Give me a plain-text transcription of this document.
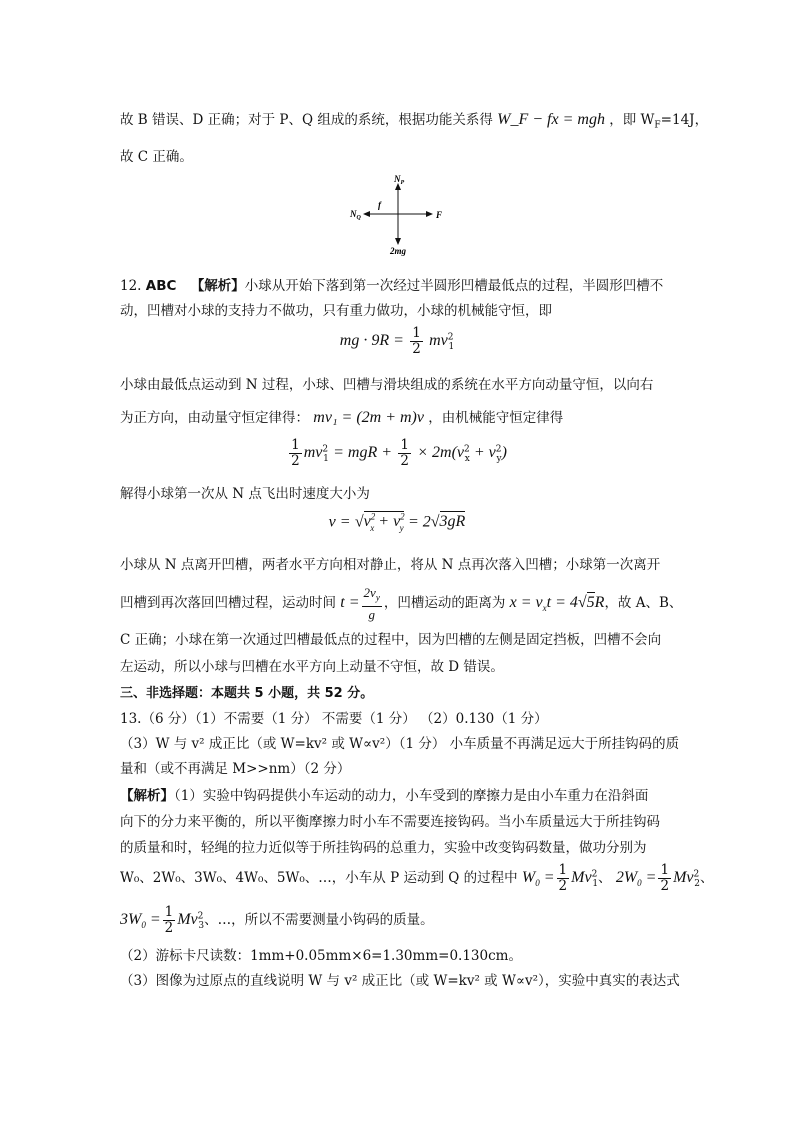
故 B 错误、D 正确；对于 P、Q 组成的系统，根据功能关系得 W_F − fx = mgh ，即 $W_F=14J$，
故 C 正确。
$N_P$
$N_Q$
f
F
2mg
12. ABC 【解析】小球从开始下落到第一次经过半圆形凹槽最低点的过程，半圆形凹槽不
动，凹槽对小球的支持力不做功，只有重力做功，小球的机械能守恒，即
mg · $9R = \frac{1}{2} mv^2_1$
小球由最低点运动到 N 过程，小球、凹槽与滑块组成的系统在水平方向动量守恒，以向右
为正方向，由动量守恒定律得： mv₁ = (2m + m)v ，由机械能守恒定律得
$\frac{1}{2} mv^2_1$ = mgR + $\frac{1}{2} \times 2m(v^2_x + v^2_y)$
解得小球第一次从 N 点飞出时速度大小为
$v = √v^2_x + v^2_y = 2√3gR$
小球从 N 点离开凹槽，两者水平方向相对静止，将从 N 点再次落入凹槽；小球第一次离开
凹槽到再次落回凹槽过程，运动时间 $t = \frac{2v_y}{g}$ ，凹槽运动的距离为 $x = v_xt = 4√5R$，故 A、B、
C 正确；小球在第一次通过凹槽最低点的过程中，因为凹槽的左侧是固定挡板，凹槽不会向
左运动，所以小球与凹槽在水平方向上动量不守恒，故 D 错误。
三、非选择题：本题共 5 小题，共 52 分。
13.（6 分）（1）不需要（1 分） 不需要（1 分） （2）0.130（1 分）
（3）W 与 v² 成正比（或 W=kv² 或 W∝v²）（1 分） 小车质量不再满足远大于所挂钩码的质
量和（或不再满足 M>>nm）（2 分）
【解析】（1）实验中钩码提供小车运动的动力，小车受到的摩擦力是由小车重力在沿斜面
向下的分力来平衡的，所以平衡摩擦力时小车不需要连接钩码。当小车质量远大于所挂钩码
的质量和时，轻绳的拉力近似等于所挂钩码的总重力，实验中改变钩码数量，做功分别为
W₀、2W₀、3W₀、4W₀、5W₀、…，小车从 P 运动到 Q 的过程中 $W_0 = \frac{1}{2} Mv^2_1$、 $2W_0 = \frac{1}{2} Mv^2_2$、
$3W_0 = \frac{1}{2} Mv^2_3$、…，所以不需要测量小钩码的质量。
（2）游标卡尺读数：1mm+0.05mm×6=1.30mm=0.130cm。
（3）图像为过原点的直线说明 W 与 v² 成正比（或 W=kv² 或 W∝v²），实验中真实的表达式
